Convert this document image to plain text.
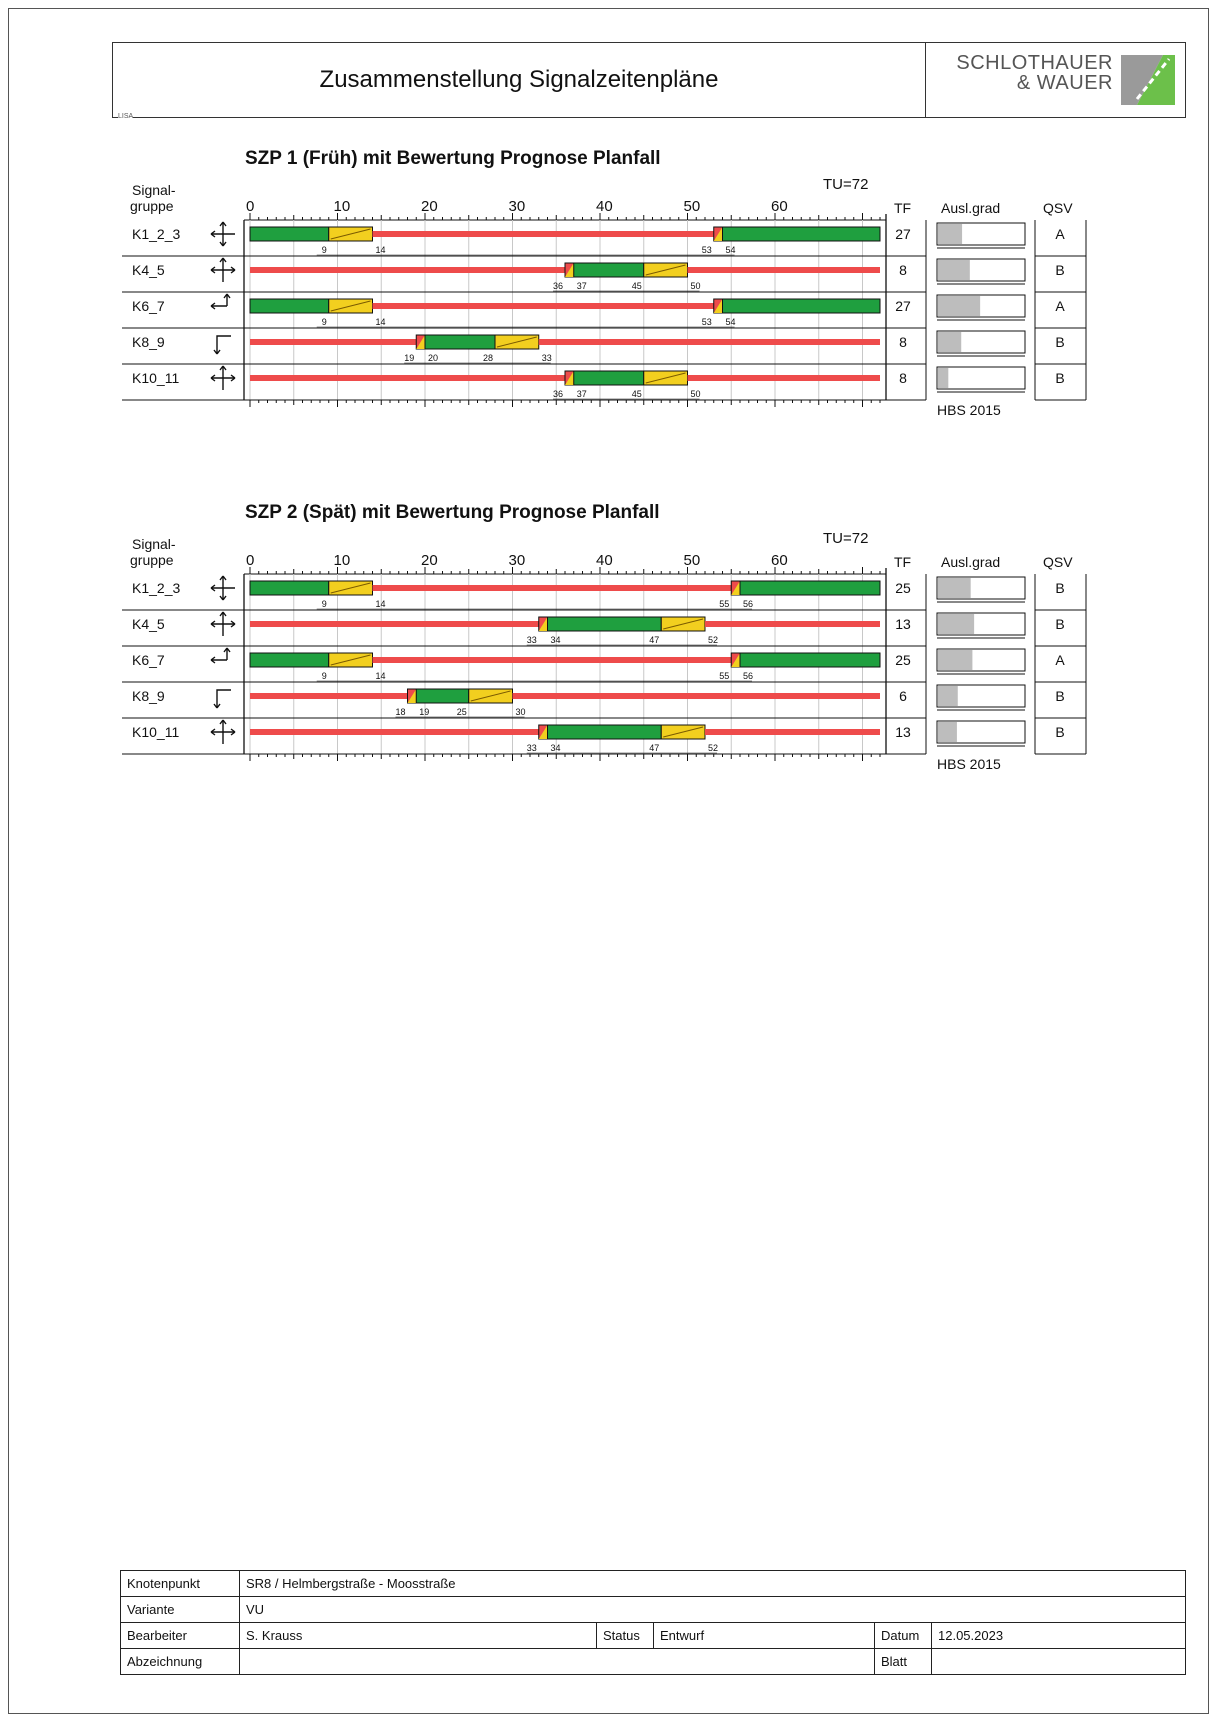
Zusammenstellung Signalzeitenpläne
SCHLOTHAUER
& WAUER
LISA
SZP 1 (Früh) mit Bewertung Prognose Planfall
TU=72
Signal-
gruppe	TF Ausl.grad	QSV
0	10	20	30	40	50	60
K1_2_3	27	A
K4_5	8	B
K6_7	27	A
K8_9	8	B
K10_11	8	B
HBS 2015
SZP 2 (Spät) mit Bewertung Prognose Planfall
TU=72
Signal-
gruppe	TF Ausl.grad	QSV
0	10	20	30	40	50	60
K1_2_3	25	B
K4_5	13	B
K6_7	25	A
K8_9	6	B
K10_11	13	B
HBS 2015
9	14	53 54
36 37	45	50
9	14	53 54
19 20	28	33
36 37	45	50
9	14	55 56
33 34	47	52
9	14	55 56
18 19	25	30
33 34	47	52
Knotenpunkt	SR8 / Helmbergstraße - Moosstraße				
Variante	VU				
Bearbeiter	S. Krauss	Status	Entwurf	Datum	12.05.2023
Abzeichnung				Blatt	
